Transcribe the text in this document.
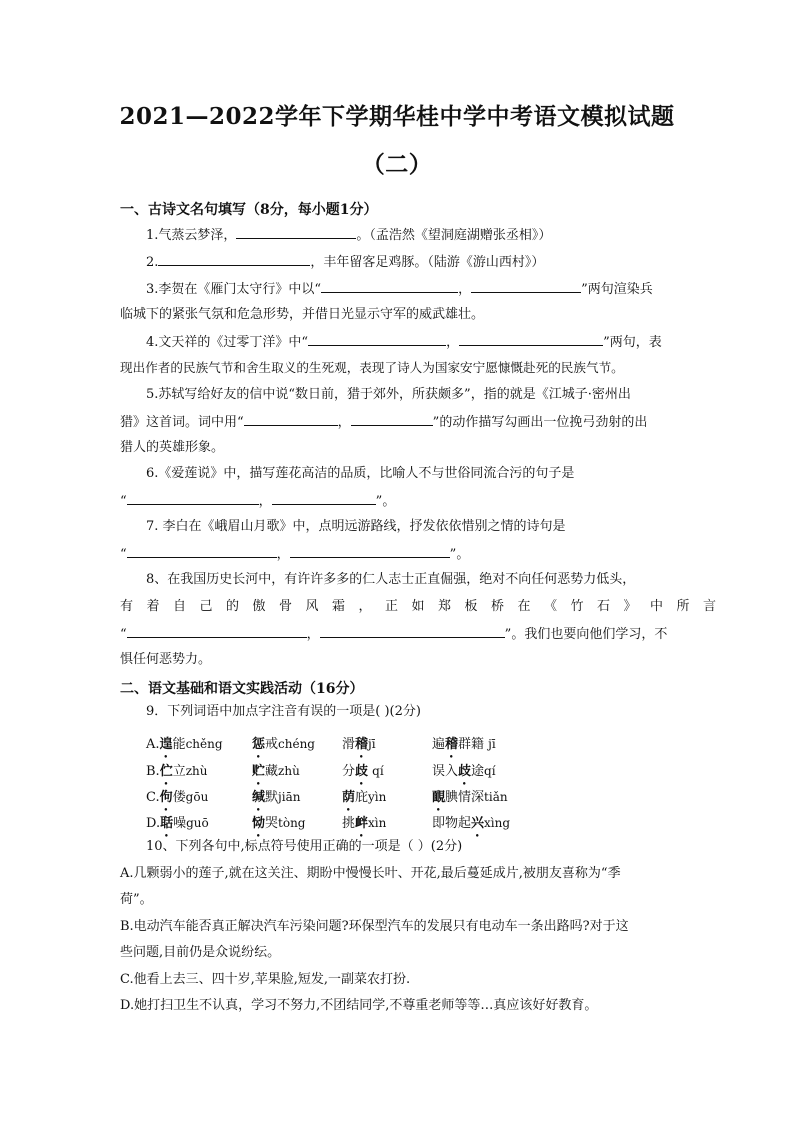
2021—2022学年下学期华桂中学中考语文模拟试题
（二）
一、古诗文名句填写（8分，每小题1分）
1.气蒸云梦泽，	。（孟浩然《望洞庭湖赠张丞相》）
2.	，丰年留客足鸡豚。（陆游《游山西村》）
3.李贺在《雁门太守行》中以“	，	”两句渲染兵
临城下的紧张气氛和危急形势，并借日光显示守军的威武雄壮。
4.文天祥的《过零丁洋》中“	，	”两句，表
现出作者的民族气节和舍生取义的生死观，表现了诗人为国家安宁愿慷慨赴死的民族气节。
5.苏轼写给好友的信中说“数日前，猎于郊外，所获颇多”，指的就是《江城子·密州出
猎》这首词。词中用“	，	”的动作描写勾画出一位挽弓劲射的出
猎人的英雄形象。
6.《爱莲说》中，描写莲花高洁的品质，比喻人不与世俗同流合污的句子是
“	，	”。
7. 李白在《峨眉山月歌》中，点明远游路线，抒发依依惜别之情的诗句是
“	，	”。
8、在我国历史长河中，有许许多多的仁人志士正直倔强，绝对不向任何恶势力低头，
有着自己的傲骨风霜，正如郑板桥在《竹石》中所言
“	，	”。我们也要向他们学习，不
惧任何恶势力。
二、语文基础和语文实践活动（16分）
9．下列词语中加点字注音有误的一项是( )(2分)
A.遑能chěng 惩戒chéng 滑稽jī	遍稽群籍 jī
B.伫立zhù	贮藏zhù	分歧 qí	误入歧途qí
C.佝偻gōu	缄默jiān	荫庇yìn	靦腆情深tiǎn
D.聒噪guō	恸哭tòng	挑衅xìn	即物起兴xìng
10、下列各句中,标点符号使用正确的一项是（ ）(2分)
A.几颗弱小的莲子,就在这关注、期盼中慢慢长叶、开花,最后蔓延成片,被朋友喜称为“季
荷”。
B.电动汽车能否真正解决汽车污染问题?环保型汽车的发展只有电动车一条出路吗?对于这
些问题,目前仍是众说纷纭。
C.他看上去三、四十岁,苹果脸,短发,一副菜农打扮.
D.她打扫卫生不认真，学习不努力,不团结同学,不尊重老师等等…真应该好好教育。
